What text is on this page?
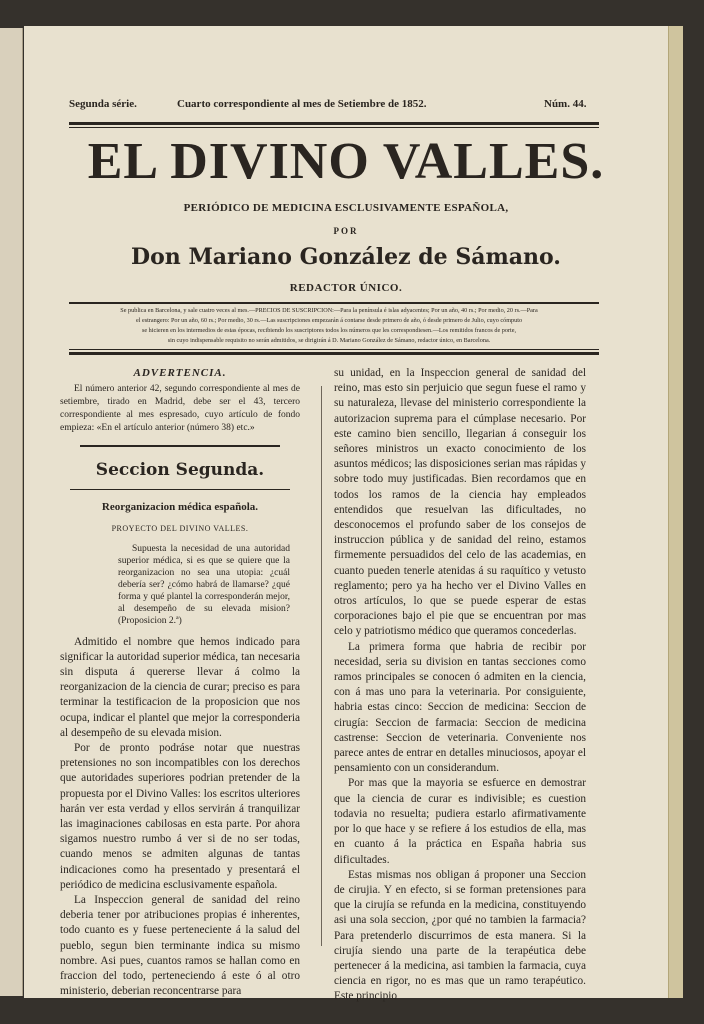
Segunda série.	Cuarto correspondiente al mes de Setiembre de 1852.	Núm. 44.
EL DIVINO VALLES.
PERIÓDICO DE MEDICINA ESCLUSIVAMENTE ESPAÑOLA,
POR
Don Mariano González de Sámano.
REDACTOR ÚNICO.
Se publica en Barcelona, y sale cuatro veces al mes.—PRECIOS DE SUSCRIPCION:—Para la península é islas adyacentes; Por un año, 40 rs.; Por medio, 20 rs.—Para
el estrangero: Por un año, 60 rs.; Por medio, 30 rs.—Las suscripciones empezarán á contarse desde primero de año, ó desde primero de Julio, cuyo cómputo
se hicieren en los intermedios de estas épocas, recibiendo los suscriptores todos los números que les correspondiesen.—Los remitidos francos de porte,
sin cuyo indispensable requisito no serán admitidos, se dirigirán á D. Mariano González de Sámano, redactor único, en Barcelona.

ADVERTENCIA.

El número anterior 42, segundo correspondiente al mes de setiembre, tirado en Madrid, debe ser el 43, tercero correspondiente al mes espresado, cuyo artículo de fondo empieza: «En el artículo anterior (número 38) etc.»

Seccion Segunda.

Reorganizacion médica española.

PROYECTO DEL DIVINO VALLES.

Supuesta la necesidad de una autoridad superior médica, si es que se quiere que la reorganizacion no sea una utopia: ¿cuál debería ser? ¿cómo habrá de llamarse? ¿qué forma y qué plantel la corresponderán mejor, al desempeño de su elevada mision? (Proposicion 2.ª)

Admitido el nombre que hemos indicado para significar la autoridad superior médica, tan necesaria sin disputa á quererse llevar á colmo la reorganizacion de la ciencia de curar; preciso es para terminar la testificacion de la proposicion que nos ocupa, indicar el plantel que mejor la corresponderia al desempeño de su elevada mision.

Por de pronto podráse notar que nuestras pretensiones no son incompatibles con los derechos que autoridades superiores podrian pretender de la propuesta por el Divino Valles: los escritos ulteriores harán ver esta verdad y ellos servirán á tranquilizar las imaginaciones cabilosas en esta parte. Por ahora sigamos nuestro rumbo á ver si de no ser todas, cuando menos se admiten algunas de tantas indicaciones como ha presentado y presentará el periódico de medicina esclusivamente española.

La Inspeccion general de sanidad del reino deberia tener por atribuciones propias é inherentes, todo cuanto es y fuese perteneciente á la salud del pueblo, segun bien terminante indica su mismo nombre. Asi pues, cuantos ramos se hallan como en fraccion del todo, perteneciendo á este ó al otro ministerio, deberian reconcentrarse para

su unidad, en la Inspeccion general de sanidad del reino, mas esto sin perjuicio que segun fuese el ramo y su naturaleza, llevase del ministerio correspondiente la autorizacion suprema para el cúmplase necesario. Por este camino bien sencillo, llegarian á conseguir los señores ministros un exacto conocimiento de los asuntos médicos; las disposiciones serian mas rápidas y sobre todo muy justificadas. Bien recordamos que en todos los ramos de la ciencia hay empleados entendidos que resuelvan las dificultades, no desconocemos el profundo saber de los consejos de instruccion pública y de sanidad del reino, estamos firmemente persuadidos del celo de las academias, en cuanto pueden tenerle atenidas á su raquítico y vetusto reglamento; pero ya ha hecho ver el Divino Valles en otros artículos, lo que se puede esperar de estas corporaciones bajo el pie que se encuentran por mas celo y patriotismo médico que queramos concederlas.

La primera forma que habria de recibir por necesidad, seria su division en tantas secciones como ramos principales se conocen ó admiten en la ciencia, con á mas uno para la veterinaria. Por consiguiente, habria estas cinco: Seccion de medicina: Seccion de cirugía: Seccion de farmacia: Seccion de medicina castrense: Seccion de veterinaria. Conveniente nos parece antes de entrar en detalles minuciosos, apoyar el pensamiento con un considerandum.

Por mas que la mayoria se esfuerce en demostrar que la ciencia de curar es indivisible; es cuestion todavia no resuelta; pudiera estarlo afirmativamente por lo que hace y se refiere á los estudios de ella, mas en cuanto á la práctica en España habria sus dificultades.

Estas mismas nos obligan á proponer una Seccion de cirujia. Y en efecto, si se forman pretensiones para que la cirujía se refunda en la medicina, constituyendo asi una sola seccion, ¿por qué no tambien la farmacia? Para pretenderlo discurrimos de esta manera. Si la cirujía siendo una parte de la terapéutica debe pertenecer á la medicina, asi tambien la farmacia, cuya ciencia en rigor, no es mas que un ramo terapéutico. Este principio
